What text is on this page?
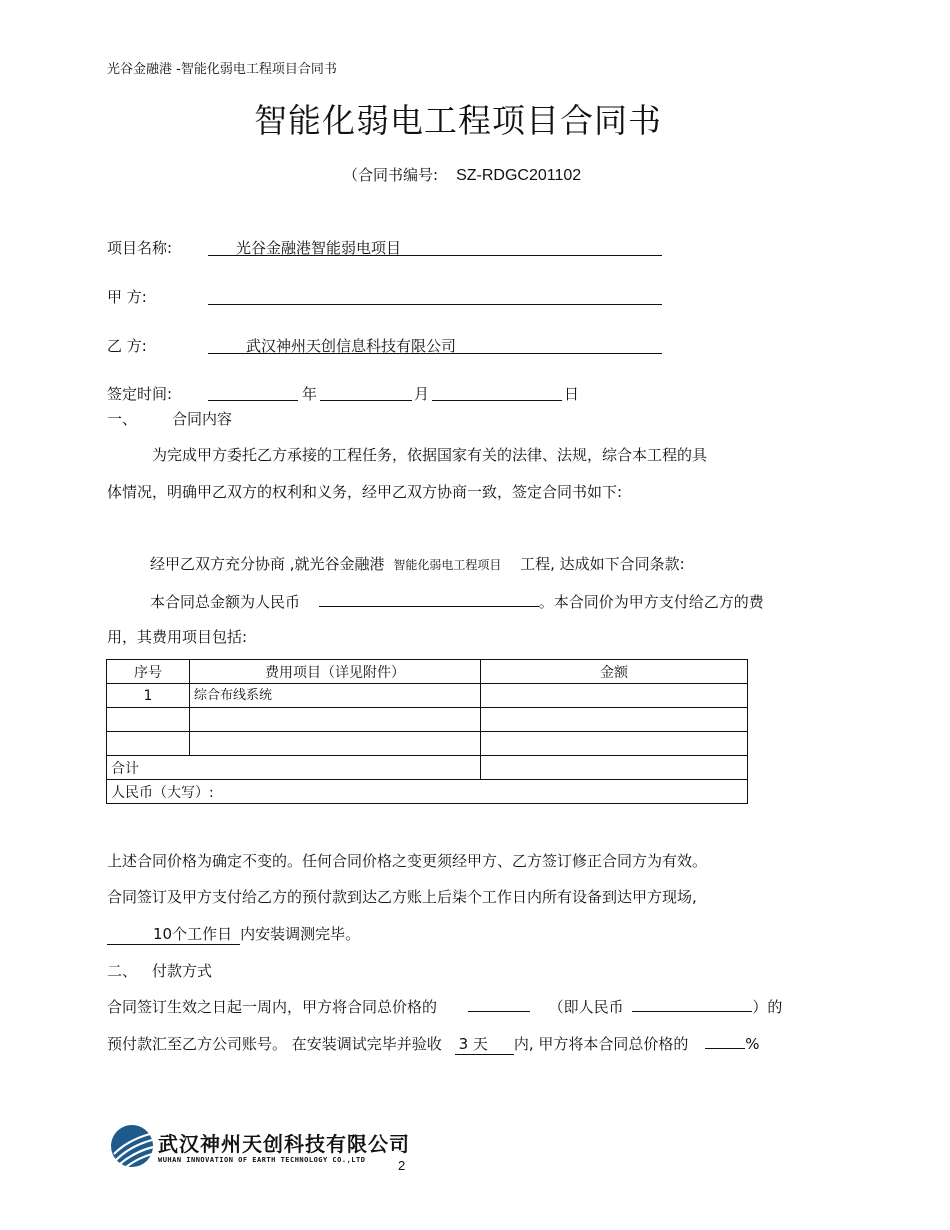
光谷金融港 -智能化弱电工程项目合同书
智能化弱电工程项目合同书
（合同书编号: SZ-RDGC201102
项目名称:	光谷金融港智能弱电项目
甲 方:
乙 方:	武汉神州天创信息科技有限公司
签定时间:	年	月	日
一、 合同内容
为完成甲方委托乙方承接的工程任务，依据国家有关的法律、法规，综合本工程的具
体情况，明确甲乙双方的权利和义务，经甲乙双方协商一致，签定合同书如下:
经甲乙双方充分协商 ,就光谷金融港 智能化弱电工程项目 工程, 达成如下合同条款:
本合同总金额为人民币	。本合同价为甲方支付给乙方的费
用，其费用项目包括:
序号	费用项目（详见附件）	金额
1	综合布线系统	

合计		
人民币（大写）:		
上述合同价格为确定不变的。任何合同价格之变更须经甲方、乙方签订修正合同方为有效。
合同签订及甲方支付给乙方的预付款到达乙方账上后柒个工作日内所有设备到达甲方现场,
10个工作日 内安装调测完毕。
二、 付款方式
合同签订生效之日起一周内，甲方将合同总价格的	（即人民币	）的
预付款汇至乙方公司账号。 在安装调试完毕并验收 3 天 内, 甲方将本合同总价格的	%
武汉神州天创科技有限公司
WUHAN INNOVATION OF EARTH TECHNOLOGY CO.,LTD	2
